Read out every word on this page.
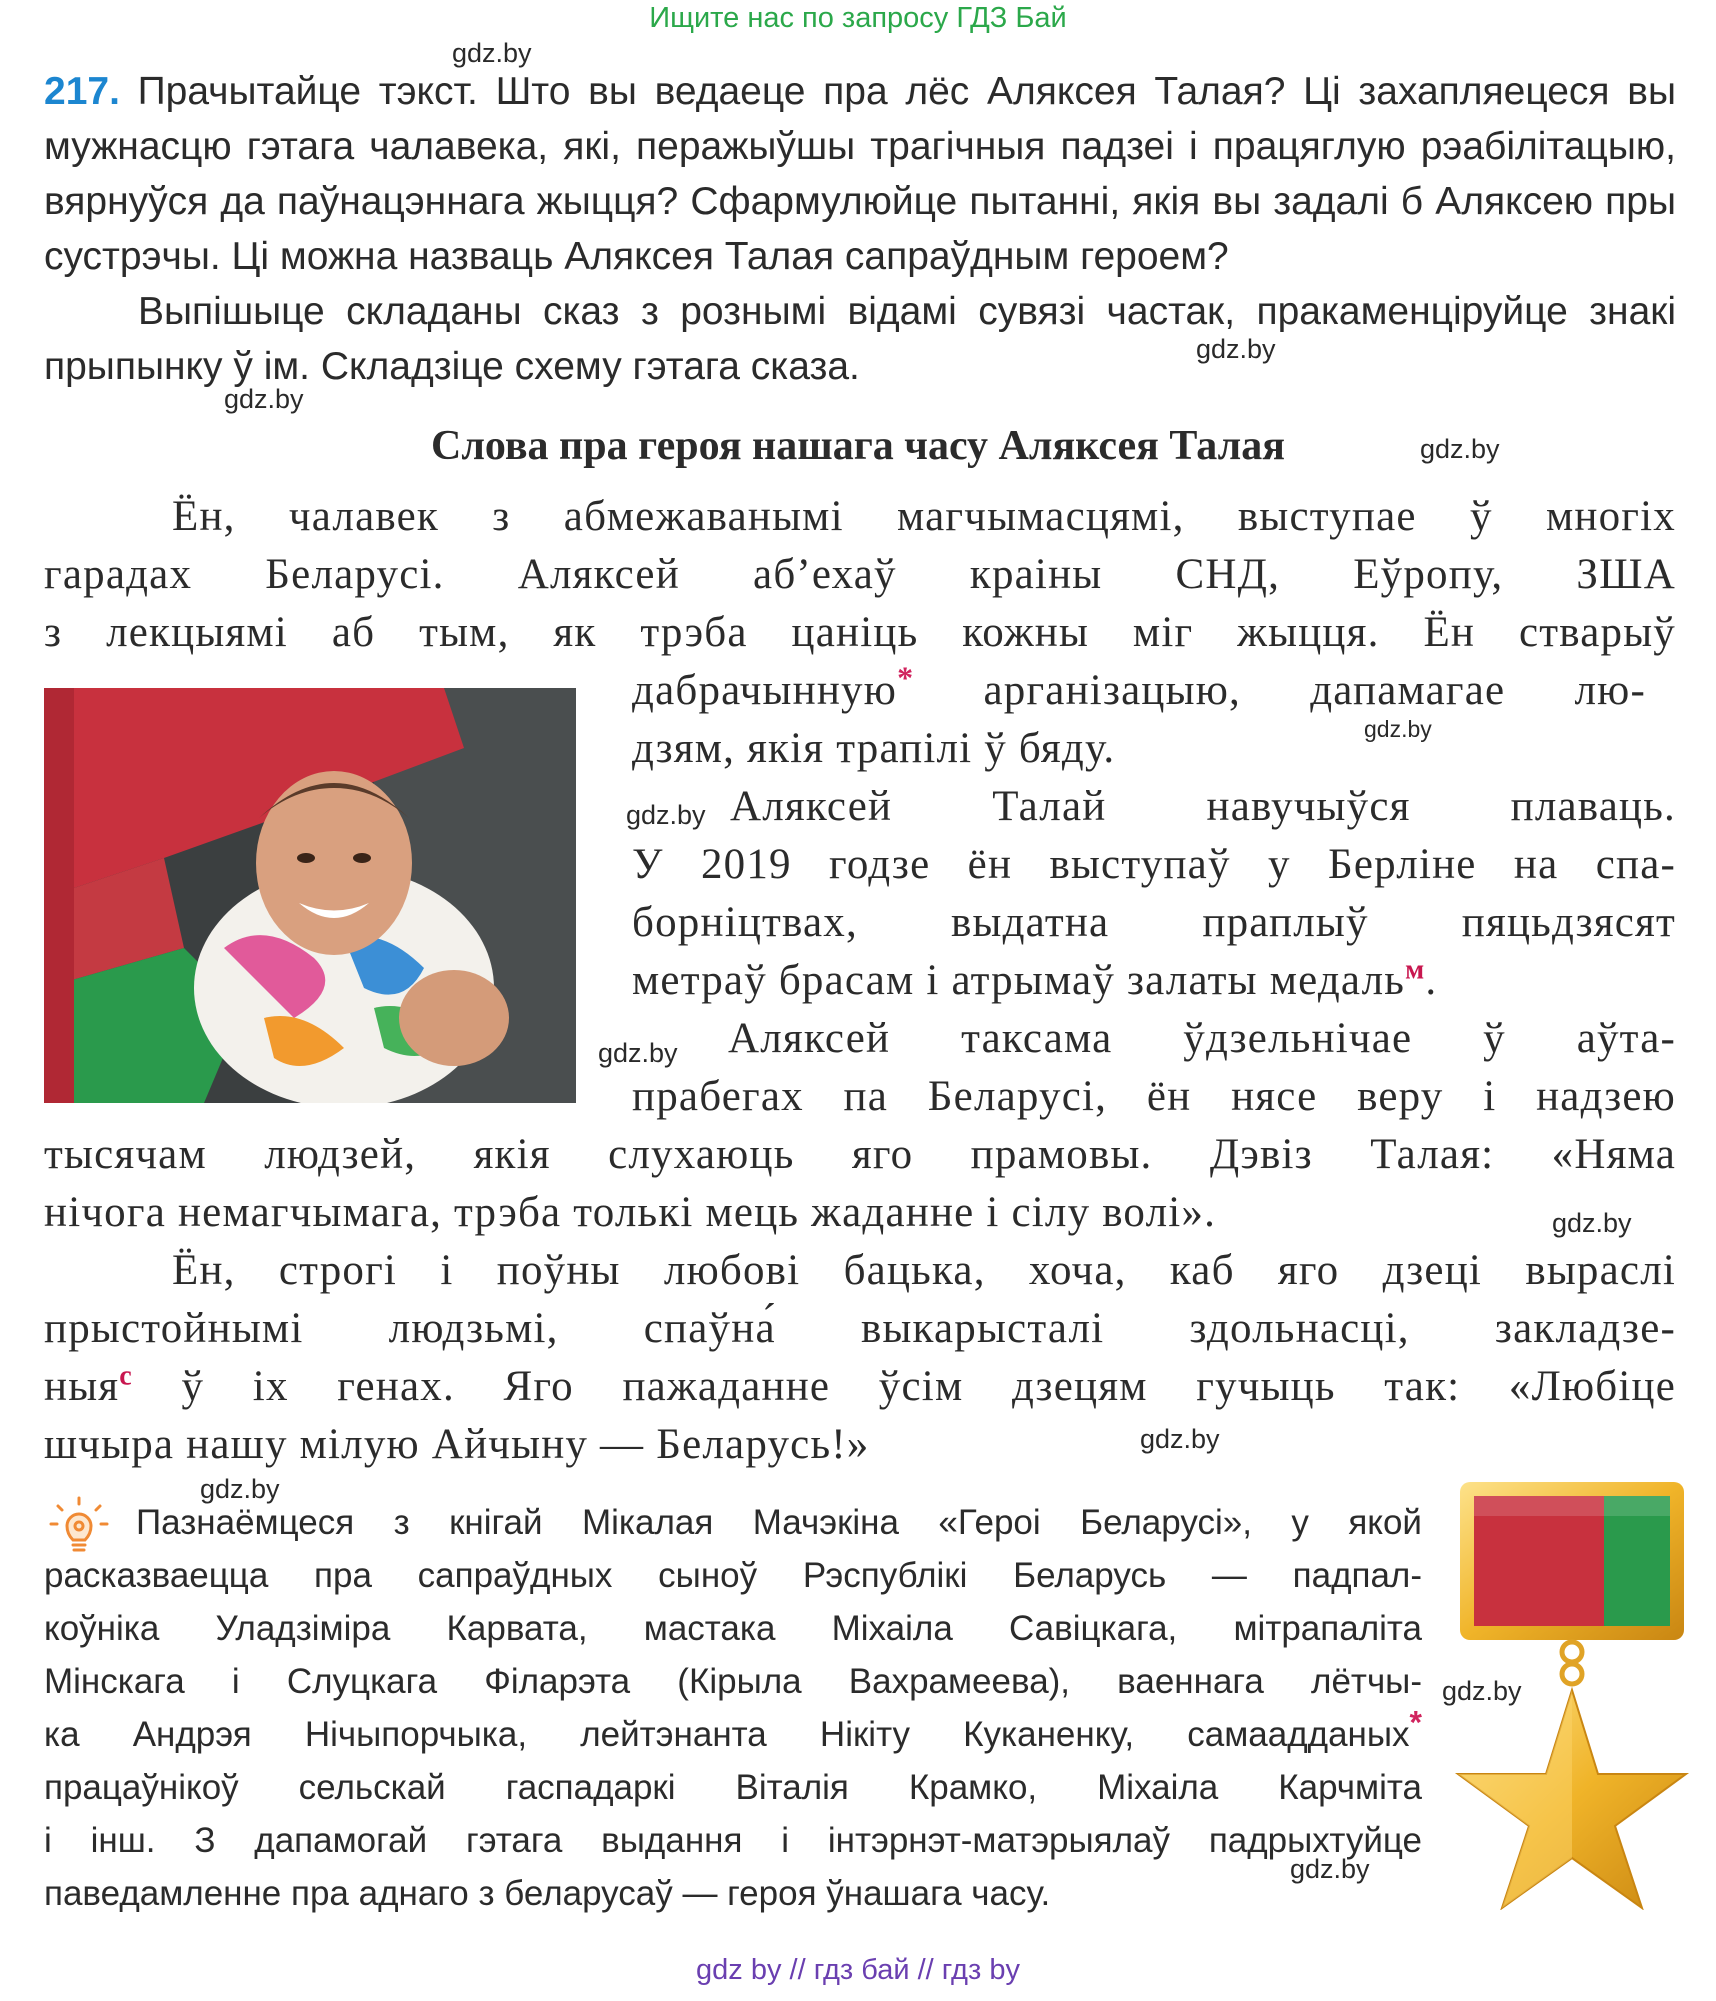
Ищите нас по запросу ГДЗ Бай

217. Прачытайце тэкст. Што вы ведаеце пра лёс Аляксея Талая? Ці захапляецеся вы мужнасцю гэтага чалавека, які, перажыўшы трагічныя падзеі і працяглую рэабілітацыю, вярнуўся да паўнацэннага жыцця? Сфармулюйце пытанні, якія вы задалі б Аляксею пры сустрэчы. Ці можна назваць Аляксея Талая сапраўдным героем?

Выпішыце складаны сказ з рознымі відамі сувязі частак, пракаменціруйце знакі прыпынку ў ім. Складзіце схему гэтага сказа.

gdz.by
gdz.by
gdz.by
gdz.by
gdz.by
gdz.by
gdz.by
gdz.by
gdz.by
gdz.by
gdz.by
gdz.by
Слова пра героя нашага часу Аляксея Талая
Ён, чалавек з абмежаванымі магчымасцямі, выступае ў многіх
гарадах Беларусі. Аляксей аб’ехаў краіны СНД, Еўропу, ЗША
з лекцыямі аб тым, як трэба цаніць кожны міг жыцця. Ён стварыў
дабрачынную* арганізацыю, дапамагае лю-
дзям, якія трапілі ў бяду.
Аляксей Талай навучыўся плаваць.
У 2019 годзе ён выступаў у Берліне на спа-
борніцтвах, выдатна праплыў пяцьдзясят
метраў брасам і атрымаў залаты медаль$^м$.
Аляксей таксама ўдзельнічае ў аўта-
прабегах па Беларусі, ён нясе веру і надзею
тысячам людзей, якія слухаюць яго прамовы. Дэвіз Талая: «Няма
нічога немагчымага, трэба толькі мець жаданне і сілу волі».
Ён, строгі і поўны любові бацька, хоча, каб яго дзеці выраслі
прыстойнымі людзьмі, спаўна́ выкарысталі здольнасці, закладзе-
ныя$^с$ ў іх генах. Яго пажаданне ўсім дзецям гучыць так: «Любіце
шчыра нашу мілую Айчыну — Беларусь!»
Пазнаёмцеся з кнігай Мікалая Мачэкіна «Героі Беларусі», у якой
расказваецца пра сапраўдных сыноў Рэспублікі Беларусь — падпал-
коўніка Уладзіміра Карвата, мастака Міхаіла Савіцкага, мітрапаліта
Мінскага і Слуцкага Філарэта (Кірыла Вахрамеева), ваеннага лётчы-
ка Андрэя Нічыпорчыка, лейтэнанта Нікіту Куканенку, самаадданых*
працаўнікоў сельскай гаспадаркі Віталія Крамко, Міхаіла Карчміта
і інш. З дапамогай гэтага выдання і інтэрнэт-матэрыялаў падрыхтуйце
паведамленне пра аднаго з беларусаў — героя ўнашага часу.
gdz by // гдз бай // гдз by
